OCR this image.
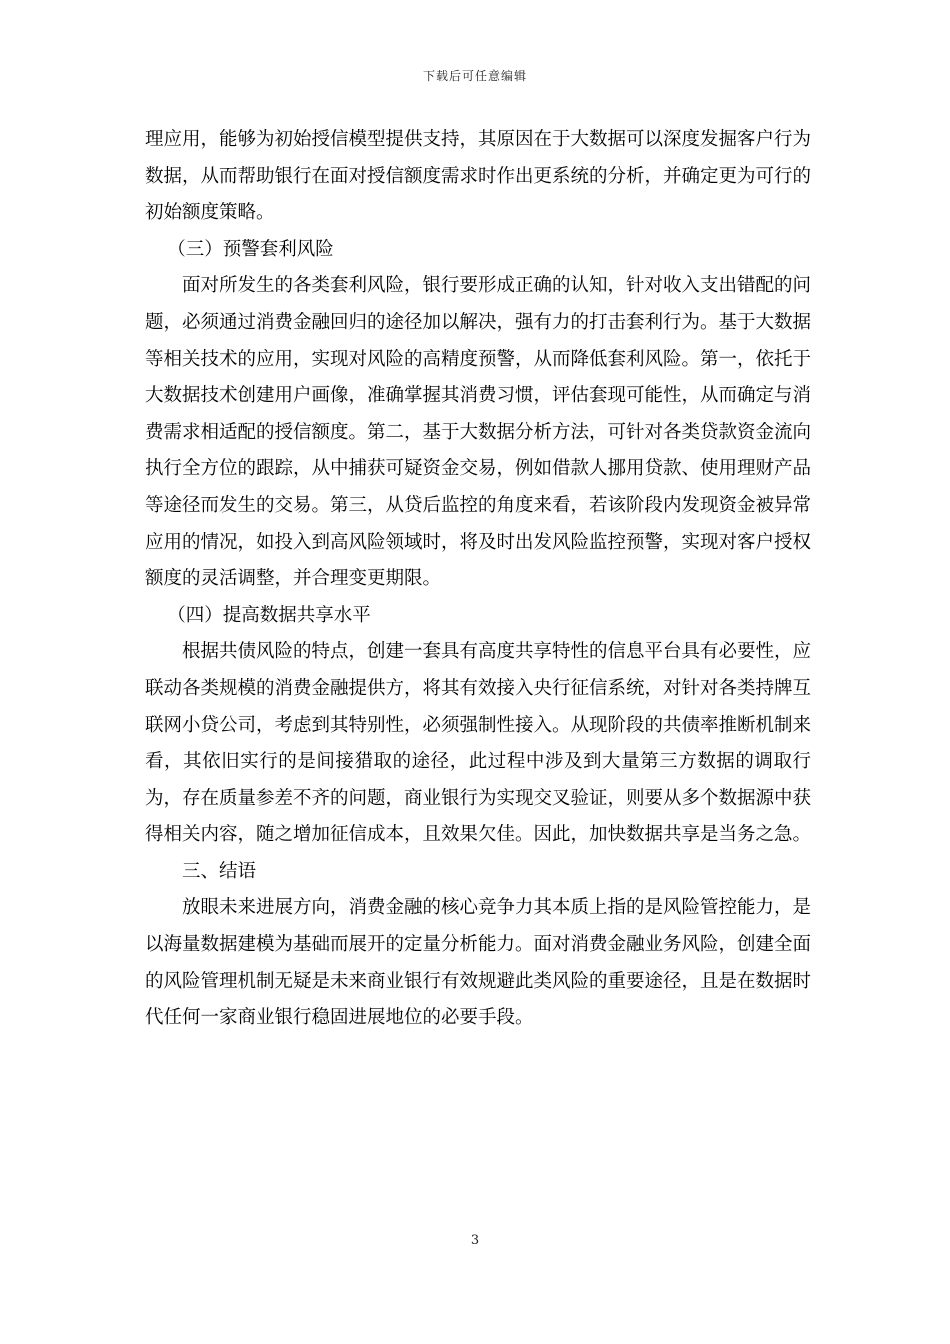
下载后可任意编辑

理应用，能够为初始授信模型提供支持，其原因在于大数据可以深度发掘客户行为数据，从而帮助银行在面对授信额度需求时作出更系统的分析，并确定更为可行的初始额度策略。

（三）预警套利风险

面对所发生的各类套利风险，银行要形成正确的认知，针对收入支出错配的问题，必须通过消费金融回归的途径加以解决，强有力的打击套利行为。基于大数据等相关技术的应用，实现对风险的高精度预警，从而降低套利风险。第一，依托于大数据技术创建用户画像，准确掌握其消费习惯，评估套现可能性，从而确定与消费需求相适配的授信额度。第二，基于大数据分析方法，可针对各类贷款资金流向执行全方位的跟踪，从中捕获可疑资金交易，例如借款人挪用贷款、使用理财产品等途径而发生的交易。第三，从贷后监控的角度来看，若该阶段内发现资金被异常应用的情况，如投入到高风险领域时，将及时出发风险监控预警，实现对客户授权额度的灵活调整，并合理变更期限。

（四）提高数据共享水平

根据共债风险的特点，创建一套具有高度共享特性的信息平台具有必要性，应联动各类规模的消费金融提供方，将其有效接入央行征信系统，对针对各类持牌互联网小贷公司，考虑到其特别性，必须强制性接入。从现阶段的共债率推断机制来看，其依旧实行的是间接猎取的途径，此过程中涉及到大量第三方数据的调取行为，存在质量参差不齐的问题，商业银行为实现交叉验证，则要从多个数据源中获得相关内容，随之增加征信成本，且效果欠佳。因此，加快数据共享是当务之急。

三、结语

放眼未来进展方向，消费金融的核心竞争力其本质上指的是风险管控能力，是以海量数据建模为基础而展开的定量分析能力。面对消费金融业务风险，创建全面的风险管理机制无疑是未来商业银行有效规避此类风险的重要途径，且是在数据时代任何一家商业银行稳固进展地位的必要手段。

3
